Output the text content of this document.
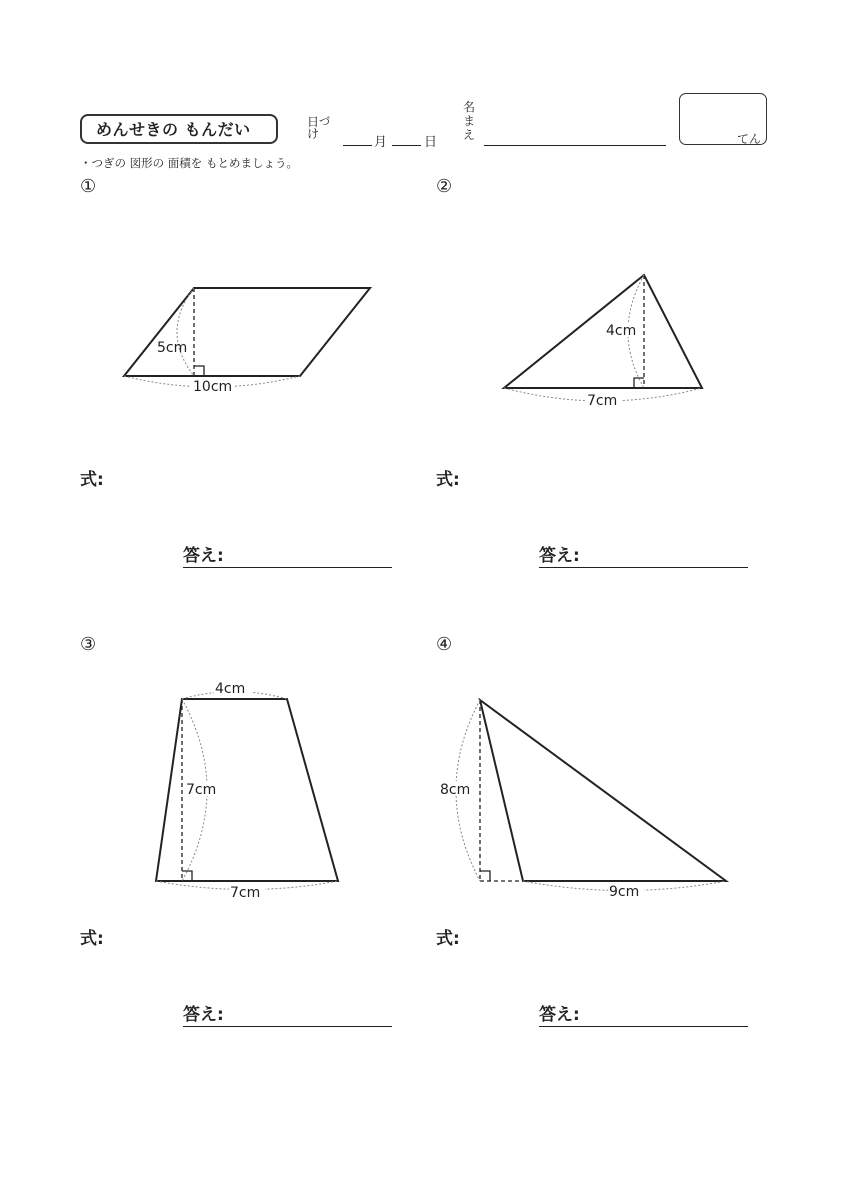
めんせきの もんだい	日 づ
け
月	日
名
ま
え	てん
・つぎの 図形の 面積を もとめましょう。
①	②
③	④
5cm
10cm
4cm
7cm
4cm
7cm
7cm
8cm
9cm
式:	式:
式:	式:
答え:	答え:
答え:	答え:
